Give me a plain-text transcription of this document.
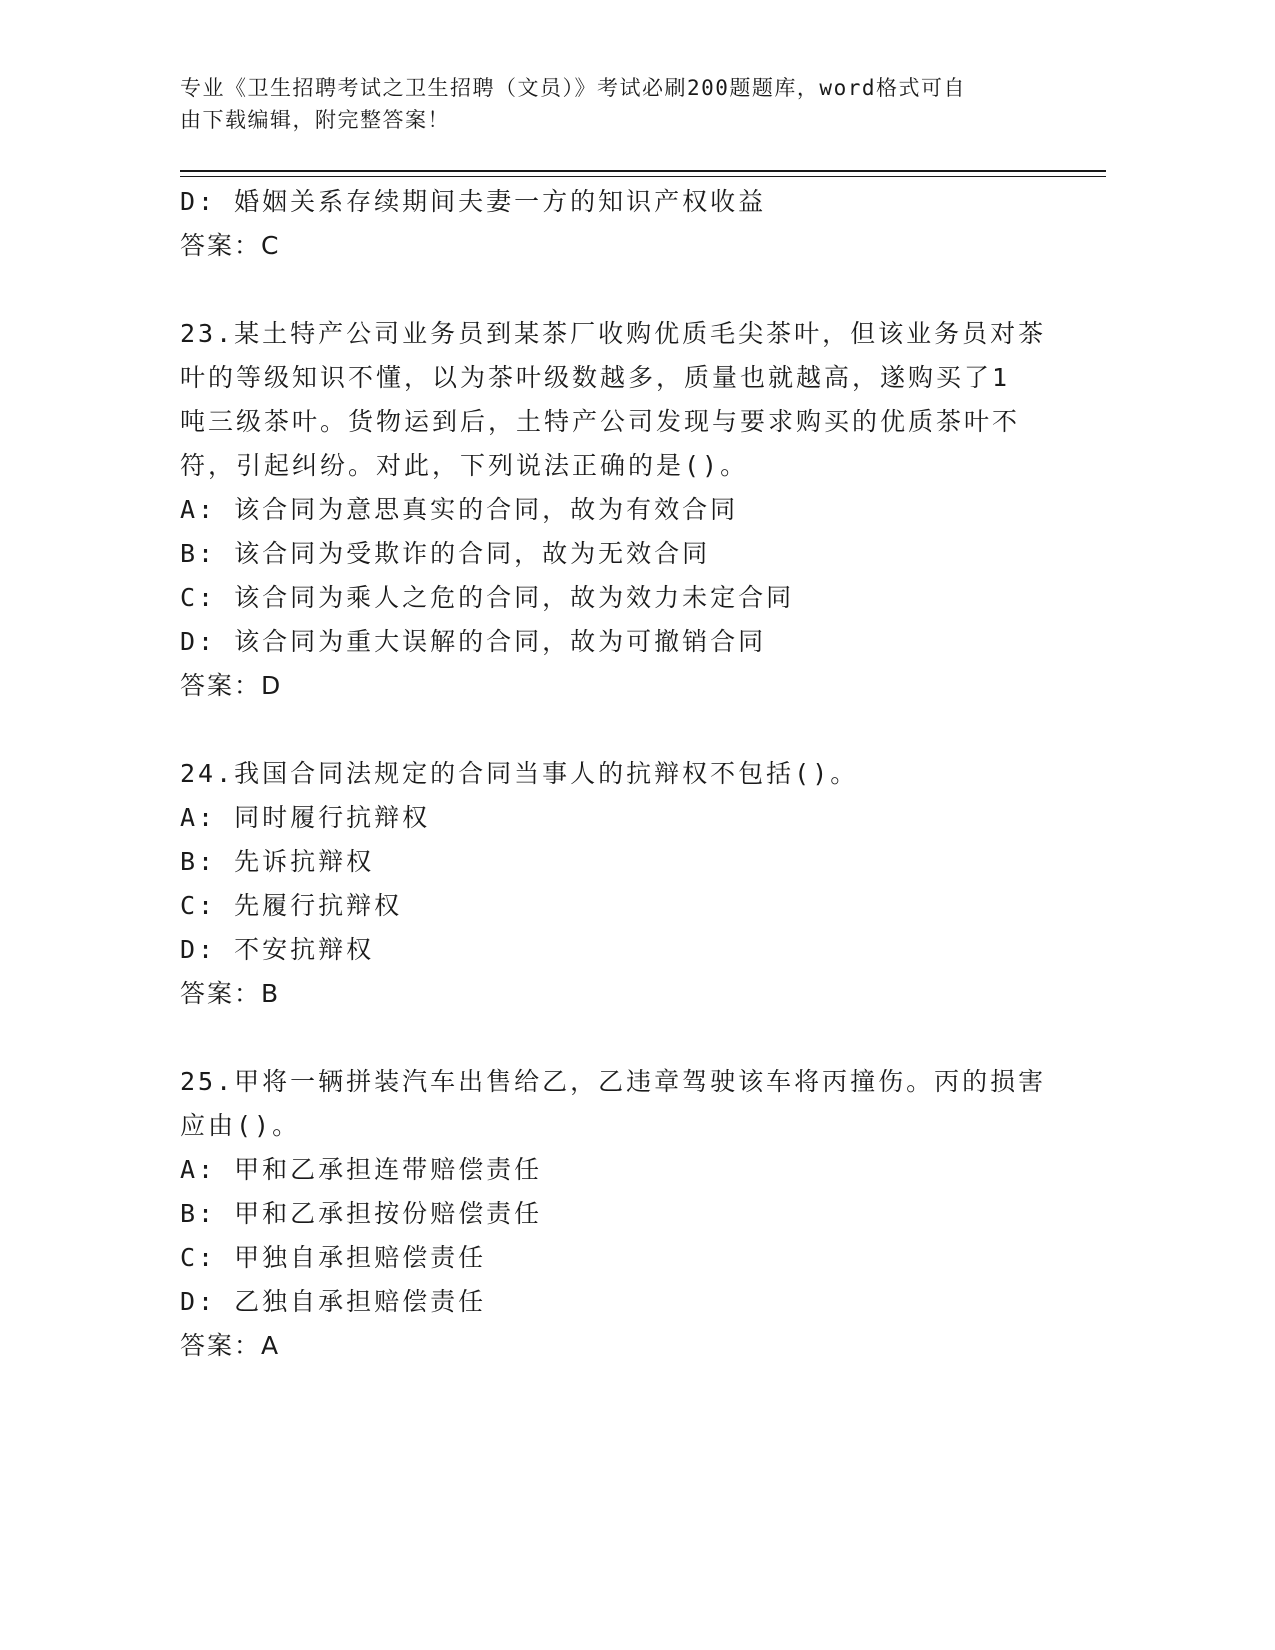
专业《卫生招聘考试之卫生招聘（文员）》考试必刷200题题库，word格式可自
由下载编辑，附完整答案！
D: 婚姻关系存续期间夫妻一方的知识产权收益
答案：C
23.某土特产公司业务员到某茶厂收购优质毛尖茶叶，但该业务员对茶
叶的等级知识不懂，以为茶叶级数越多，质量也就越高，遂购买了1
吨三级茶叶。货物运到后，土特产公司发现与要求购买的优质茶叶不
符，引起纠纷。对此，下列说法正确的是()。
A: 该合同为意思真实的合同，故为有效合同
B: 该合同为受欺诈的合同，故为无效合同
C: 该合同为乘人之危的合同，故为效力未定合同
D: 该合同为重大误解的合同，故为可撤销合同
答案：D
24.我国合同法规定的合同当事人的抗辩权不包括()。
A: 同时履行抗辩权
B: 先诉抗辩权
C: 先履行抗辩权
D: 不安抗辩权
答案：B
25.甲将一辆拼装汽车出售给乙，乙违章驾驶该车将丙撞伤。丙的损害
应由()。
A: 甲和乙承担连带赔偿责任
B: 甲和乙承担按份赔偿责任
C: 甲独自承担赔偿责任
D: 乙独自承担赔偿责任
答案：A
